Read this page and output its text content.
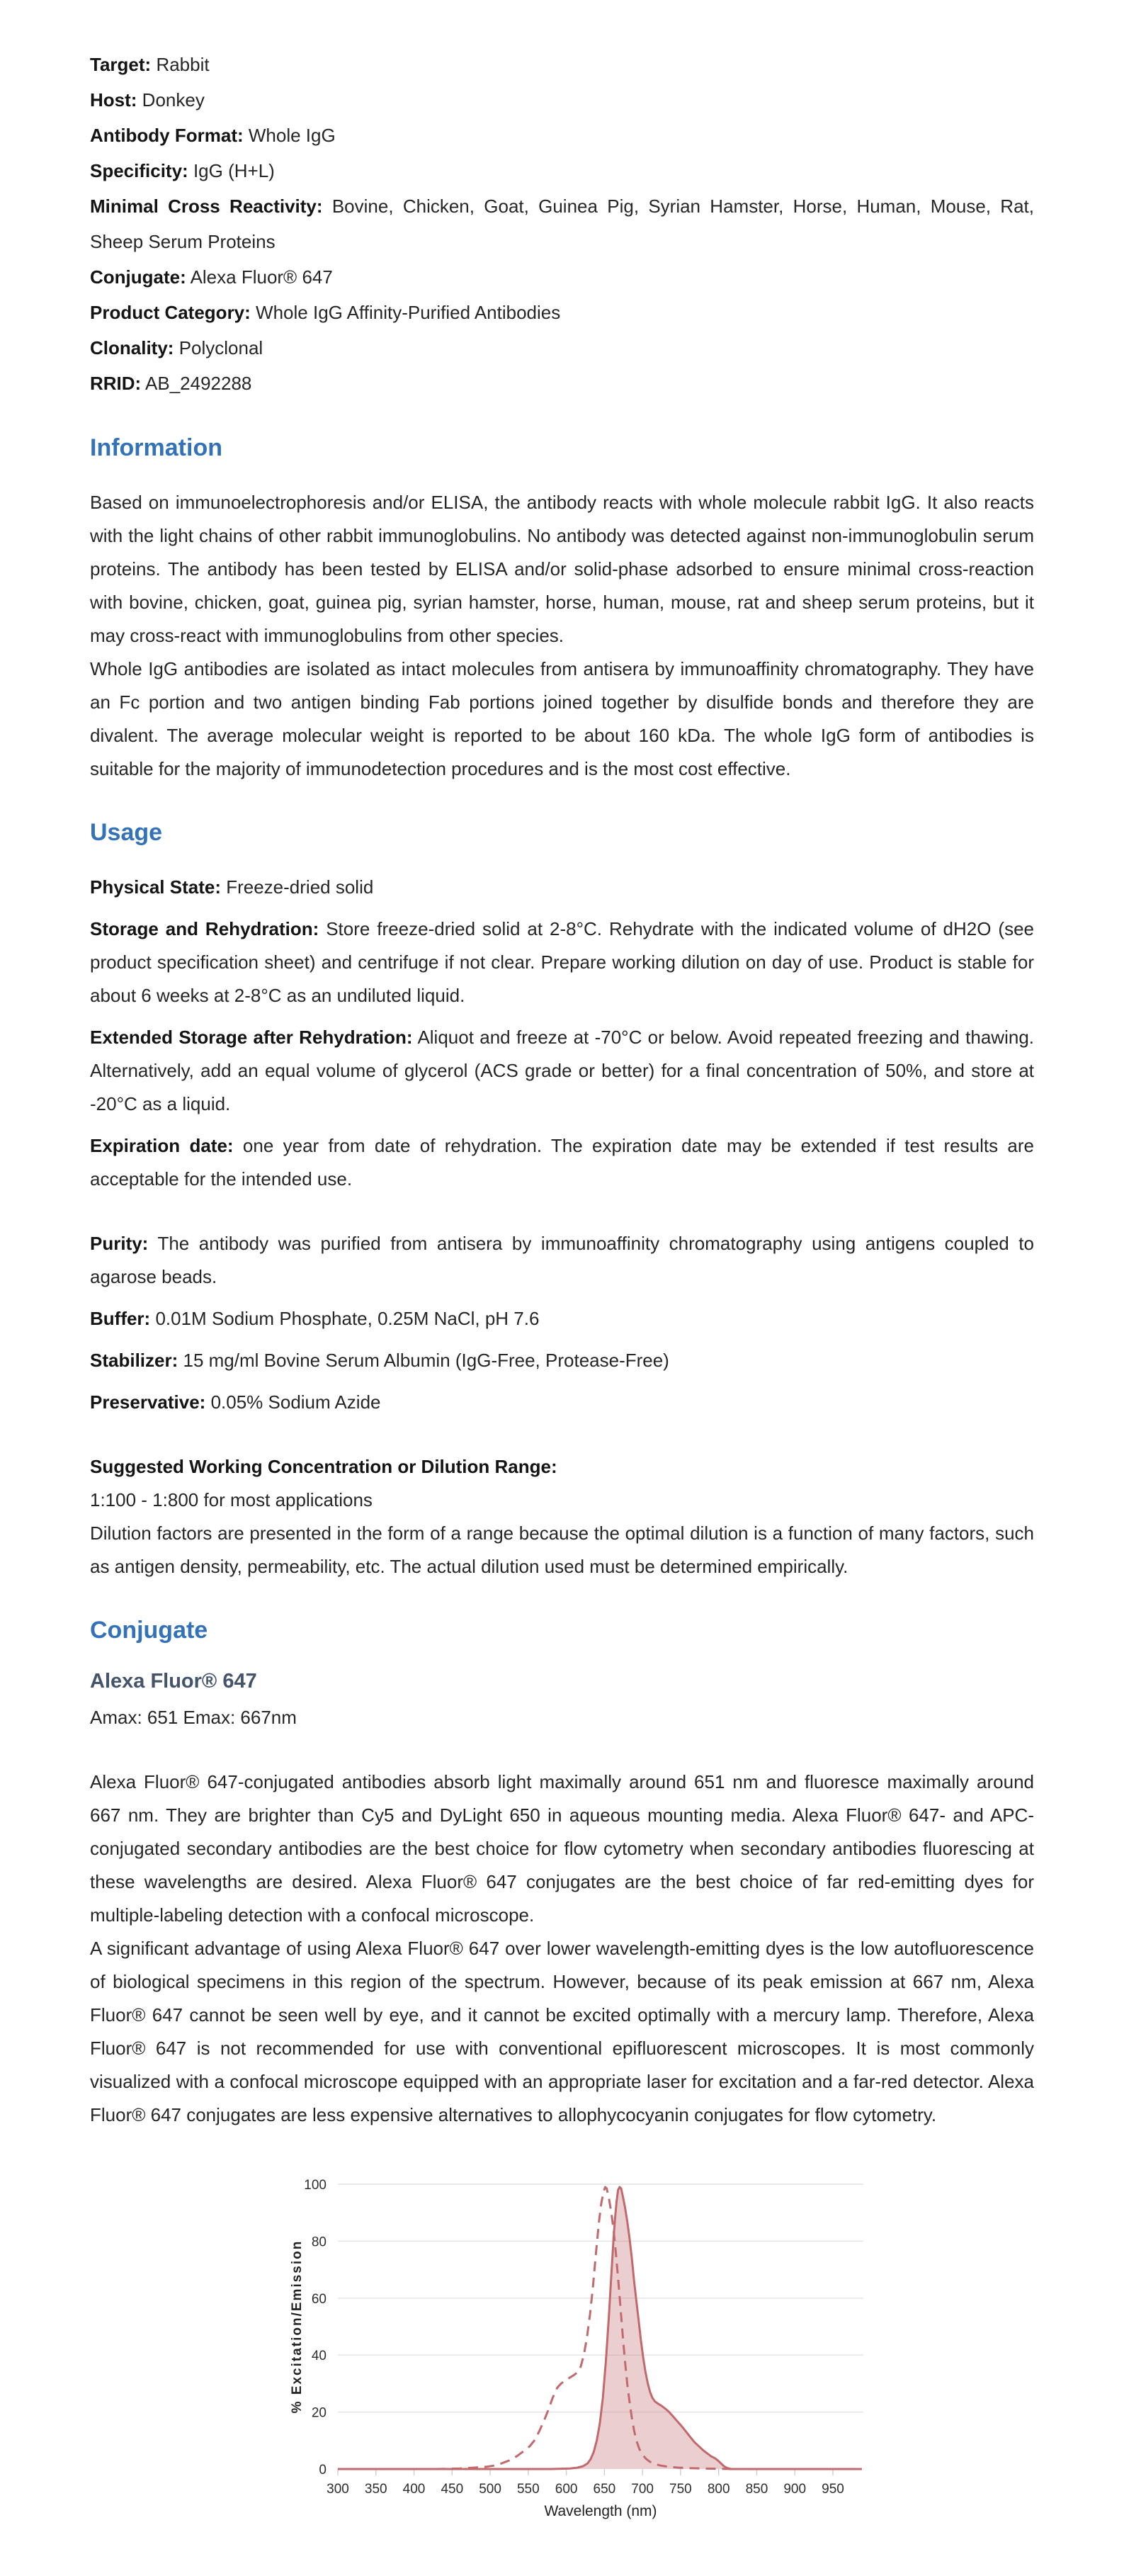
Target: Rabbit

Host: Donkey

Antibody Format: Whole IgG

Specificity: IgG (H+L)

Minimal Cross Reactivity: Bovine, Chicken, Goat, Guinea Pig, Syrian Hamster, Horse, Human, Mouse, Rat, Sheep Serum Proteins

Conjugate: Alexa Fluor® 647

Product Category: Whole IgG Affinity-Purified Antibodies

Clonality: Polyclonal

RRID: AB_2492288

Information

Based on immunoelectrophoresis and/or ELISA, the antibody reacts with whole molecule rabbit IgG. It also reacts with the light chains of other rabbit immunoglobulins. No antibody was detected against non-immunoglobulin serum proteins. The antibody has been tested by ELISA and/or solid-phase adsorbed to ensure minimal cross-reaction with bovine, chicken, goat, guinea pig, syrian hamster, horse, human, mouse, rat and sheep serum proteins, but it may cross-react with immunoglobulins from other species.

Whole IgG antibodies are isolated as intact molecules from antisera by immunoaffinity chromatography. They have an Fc portion and two antigen binding Fab portions joined together by disulfide bonds and therefore they are divalent. The average molecular weight is reported to be about 160 kDa. The whole IgG form of antibodies is suitable for the majority of immunodetection procedures and is the most cost effective.

Usage

Physical State: Freeze-dried solid

Storage and Rehydration: Store freeze-dried solid at 2-8°C. Rehydrate with the indicated volume of dH2O (see product specification sheet) and centrifuge if not clear. Prepare working dilution on day of use. Product is stable for about 6 weeks at 2-8°C as an undiluted liquid.

Extended Storage after Rehydration: Aliquot and freeze at -70°C or below. Avoid repeated freezing and thawing. Alternatively, add an equal volume of glycerol (ACS grade or better) for a final concentration of 50%, and store at -20°C as a liquid.

Expiration date: one year from date of rehydration. The expiration date may be extended if test results are acceptable for the intended use.

Purity: The antibody was purified from antisera by immunoaffinity chromatography using antigens coupled to agarose beads.

Buffer: 0.01M Sodium Phosphate, 0.25M NaCl, pH 7.6

Stabilizer: 15 mg/ml Bovine Serum Albumin (IgG-Free, Protease-Free)

Preservative: 0.05% Sodium Azide

Suggested Working Concentration or Dilution Range:

1:100 - 1:800 for most applications

Dilution factors are presented in the form of a range because the optimal dilution is a function of many factors, such as antigen density, permeability, etc. The actual dilution used must be determined empirically.

Conjugate
Alexa Fluor® 647

Amax: 651 Emax: 667nm

Alexa Fluor® 647-conjugated antibodies absorb light maximally around 651 nm and fluoresce maximally around 667 nm. They are brighter than Cy5 and DyLight 650 in aqueous mounting media. Alexa Fluor® 647- and APC-conjugated secondary antibodies are the best choice for flow cytometry when secondary antibodies fluorescing at these wavelengths are desired. Alexa Fluor® 647 conjugates are the best choice of far red-emitting dyes for multiple-labeling detection with a confocal microscope.

A significant advantage of using Alexa Fluor® 647 over lower wavelength-emitting dyes is the low autofluorescence of biological specimens in this region of the spectrum. However, because of its peak emission at 667 nm, Alexa Fluor® 647 cannot be seen well by eye, and it cannot be excited optimally with a mercury lamp. Therefore, Alexa Fluor® 647 is not recommended for use with conventional epifluorescent microscopes. It is most commonly visualized with a confocal microscope equipped with an appropriate laser for excitation and a far-red detector. Alexa Fluor® 647 conjugates are less expensive alternatives to allophycocyanin conjugates for flow cytometry.

0
20
40
60
80
100
300 350 400 450 500 550 600 650 700 750 800 850 900 950
Wavelength (nm)
% Excitation/Emission
